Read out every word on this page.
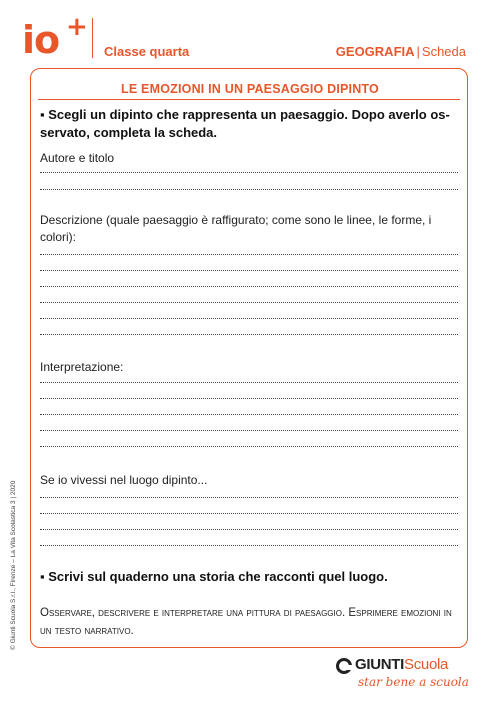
io +
Classe quarta	GEOGRAFIA | Scheda
LE EMOZIONI IN UN PAESAGGIO DIPINTO
▪ Scegli un dipinto che rappresenta un paesaggio. Dopo averlo os- servato, completa la scheda.
Autore e titolo
Descrizione (quale paesaggio è raffigurato; come sono le linee, le forme, i colori):
Interpretazione:
Se io vivessi nel luogo dipinto...
▪ Scrivi sul quaderno una storia che racconti quel luogo.
Osservare, descrivere e interpretare una pittura di paesaggio. Esprimere emozioni in un testo narrativo.
© Giunti Scuola S.r.l., Firenze – La Vita Scolastica 3 | 2020
GIUNTIScuola
star bene a scuola
